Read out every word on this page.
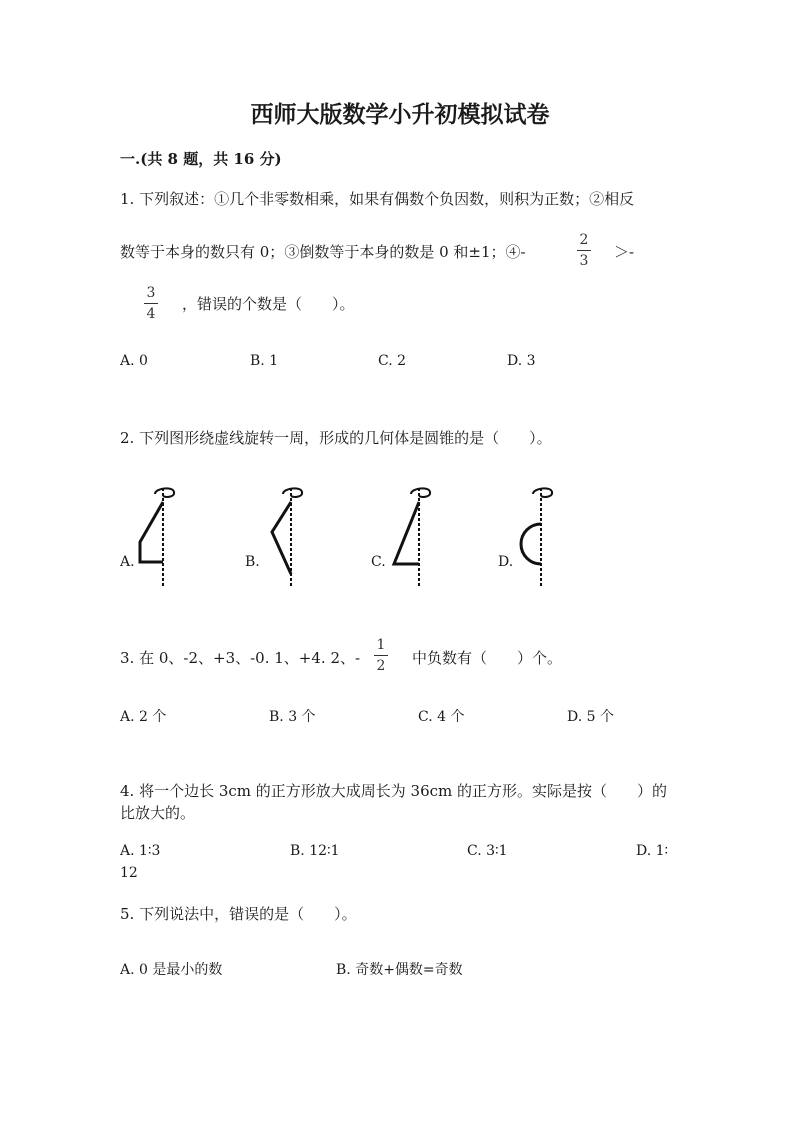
西师大版数学小升初模拟试卷
一.(共 8 题，共 16 分)
1. 下列叙述：①几个非零数相乘，如果有偶数个负因数，则积为正数；②相反
数等于本身的数只有 0；③倒数等于本身的数是 0 和±1；④-
2
3 ＞-
3
4
，错误的个数是（　　）。
A. 0	B. 1	C. 2	D. 3
2. 下列图形绕虚线旋转一周，形成的几何体是圆锥的是（　　）。
A.	B.	C.	D.
3. 在 0、-2、+3、-0. 1、+4. 2、-
1
2 中负数有（　　）个。
A. 2 个	B. 3 个	C. 4 个	D. 5 个
4. 将一个边长 3cm 的正方形放大成周长为 36cm 的正方形。实际是按（　　）的
比放大的。
A. 1∶3	B. 12∶1	C. 3∶1	D. 1∶
12
5. 下列说法中，错误的是（　　）。
A. 0 是最小的数	B. 奇数+偶数=奇数
